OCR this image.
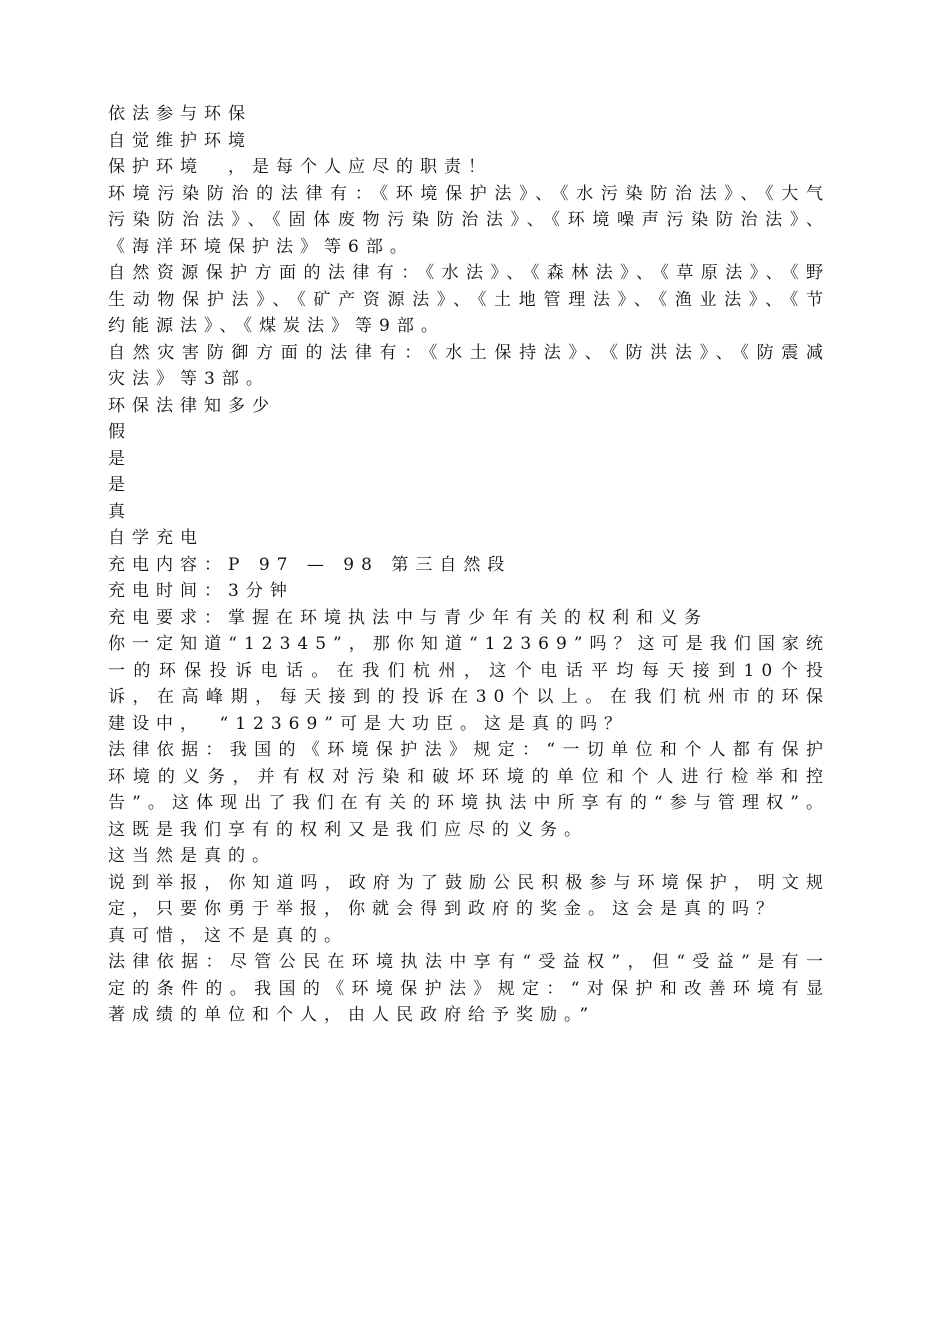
依法参与环保

自觉维护环境

保护环境　，是每个人应尽的职责！

环境污染防治的法律有：《环境保护法》、《水污染防治法》、《大气污染防治法》、《固体废物污染防治法》、《环境噪声污染防治法》、《海洋环境保护法》等6部。

自然资源保护方面的法律有：《水法》、《森林法》、《草原法》、《野生动物保护法》、《矿产资源法》、《土地管理法》、《渔业法》、《节约能源法》、《煤炭法》等9部。

自然灾害防御方面的法律有：《水土保持法》、《防洪法》、《防震减灾法》等3部。

环保法律知多少

假

是

是

真

自学充电

充电内容：P 97 — 98 第三自然段

充电时间：3分钟

充电要求：掌握在环境执法中与青少年有关的权利和义务

你一定知道“12345”，那你知道“12369”吗？这可是我们国家统一的环保投诉电话。在我们杭州，这个电话平均每天接到10个投诉，在高峰期，每天接到的投诉在30个以上。在我们杭州市的环保建设中，　“12369”可是大功臣。这是真的吗？

法律依据：我国的《环境保护法》规定：“一切单位和个人都有保护环境的义务，并有权对污染和破坏环境的单位和个人进行检举和控告”。这体现出了我们在有关的环境执法中所享有的“参与管理权”。这既是我们享有的权利又是我们应尽的义务。

这当然是真的。

说到举报，你知道吗，政府为了鼓励公民积极参与环境保护，明文规定，只要你勇于举报，你就会得到政府的奖金。这会是真的吗？

真可惜，这不是真的。

法律依据：尽管公民在环境执法中享有“受益权”，但“受益”是有一定的条件的。我国的《环境保护法》规定：“对保护和改善环境有显著成绩的单位和个人，由人民政府给予奖励。”
